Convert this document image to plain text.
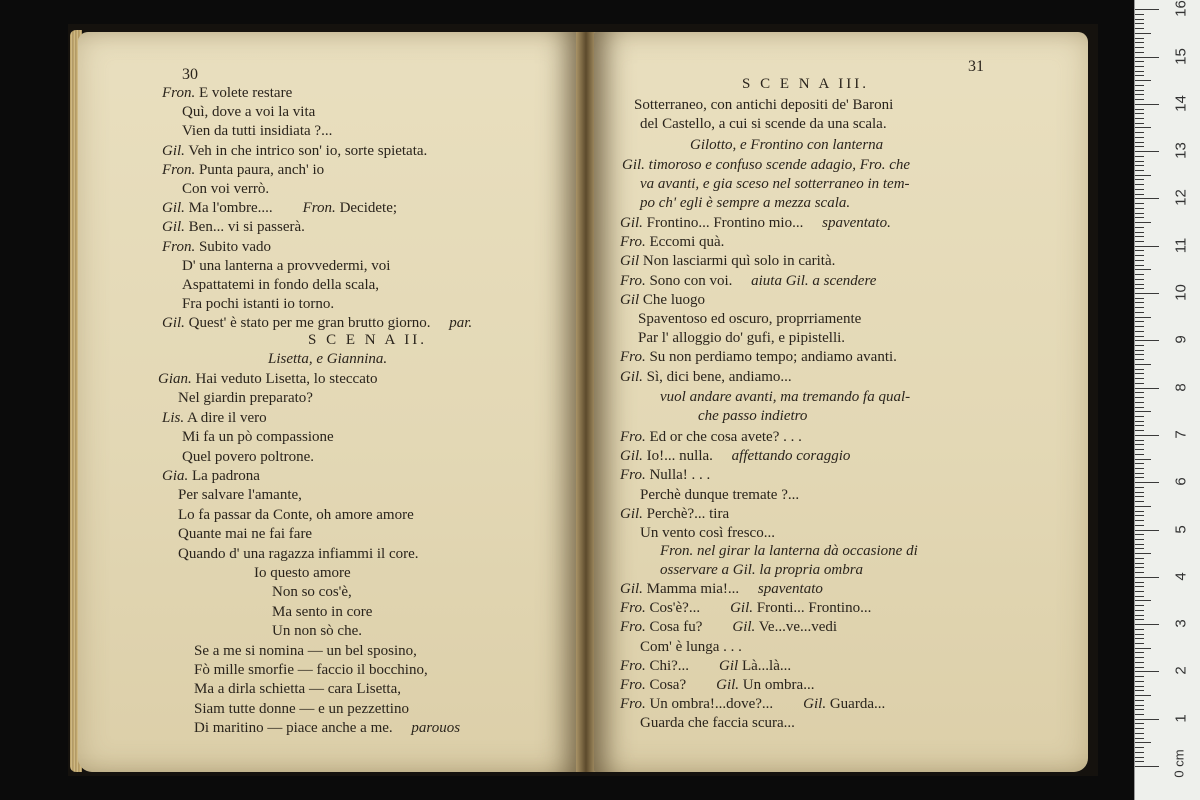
30
Fron. E volete restare
Quì, dove a voi la vita
Vien da tutti insidiata ?...
Gil. Veh in che intrico son' io, sorte spietata.
Fron. Punta paura, anch' io
Con voi verrò.
Gil. Ma l'ombre....   Fron. Decidete;
Gil. Ben... vi si passerà.
Fron. Subito vado
D' una lanterna a provvedermi, voi
Aspattatemi in fondo della scala,
Fra pochi istanti io torno.
Gil. Quest' è stato per me gran brutto giorno.  par.
S C E N A II.
Lisetta, e Giannina.
Gian. Hai veduto Lisetta, lo steccato
Nel giardin preparato?
Lis. A dire il vero
Mi fa un pò compassione
Quel povero poltrone.
Gia. La padrona
Per salvare l'amante,
Lo fa passar da Conte, oh amore amore
Quante mai ne fai fare
Quando d' una ragazza infiammi il core.
Io questo amore
Non so cos'è,
Ma sento in core
Un non sò che.
Se a me si nomina — un bel sposino,
Fò mille smorfie — faccio il bocchino,
Ma a dirla schietta — cara Lisetta,
Siam tutte donne — e un pezzettino
Di maritino — piace anche a me.  parouos
31
S C E N A III.
Sotterraneo, con antichi depositi de' Baroni
del Castello, a cui si scende da una scala.
Gilotto, e Frontino con lanterna
Gil. timoroso e confuso scende adagio, Fro. che
va avanti, e gia sceso nel sotterraneo in tem-
po ch' egli è sempre a mezza scala.
Gil. Frontino... Frontino mio...  spaventato.
Fro. Eccomi quà.
Gil Non lasciarmi quì solo in carità.
Fro. Sono con voi.  aiuta Gil. a scendere
Gil Che luogo
Spaventoso ed oscuro, proprriamente
Par l' alloggio do' gufi, e pipistelli.
Fro. Su non perdiamo tempo; andiamo avanti.
Gil. Sì, dici bene, andiamo...
vuol andare avanti, ma tremando fa qual-
che passo indietro
Fro. Ed or che cosa avete? . . .
Gil. Io!... nulla.  affettando coraggio
Fro. Nulla! . . .
Perchè dunque tremate ?...
Gil. Perchè?... tira
Un vento così fresco...
Fron. nel girar la lanterna dà occasione di
osservare a Gil. la propria ombra
Gil. Mamma mia!...  spaventato
Fro. Cos'è?...   Gil. Fronti... Frontino...
Fro. Cosa fu?   Gil. Ve...ve...vedi
Com' è lunga . . .
Fro. Chi?...   Gil Là...là...
Fro. Cosa?   Gil. Un ombra...
Fro. Un ombra!...dove?...   Gil. Guarda...
Guarda che faccia scura...
0 cm
16
15
14
13
12
11
10
9
8
7
6
5
4
3
2
1
